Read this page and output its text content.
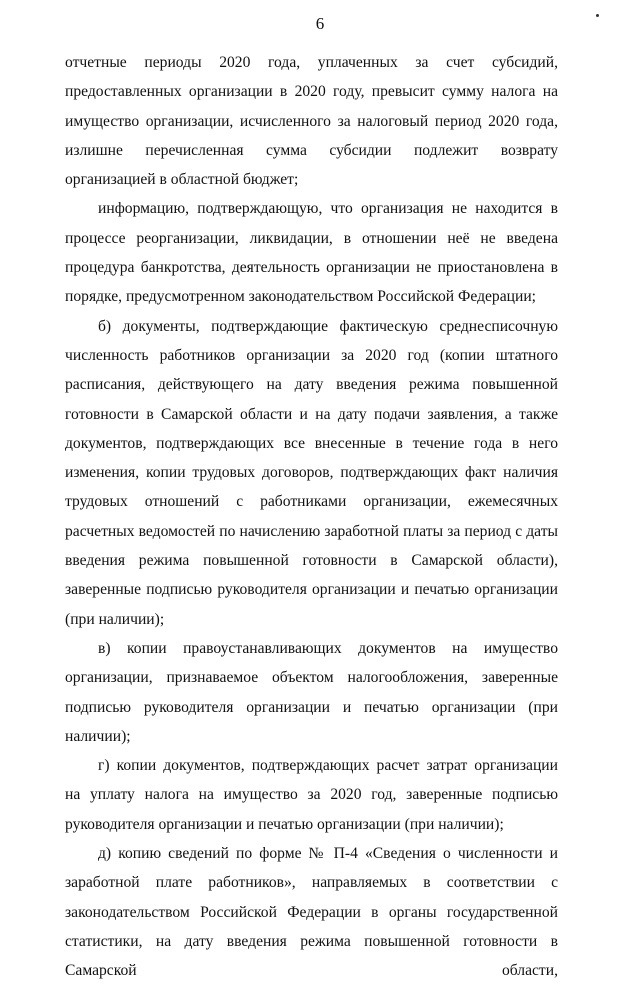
6

отчетные периоды 2020 года, уплаченных за счет субсидий, предоставленных организации в 2020 году, превысит сумму налога на имущество организации, исчисленного за налоговый период 2020 года, излишне перечисленная сумма субсидии подлежит возврату организацией в областной бюджет;

информацию, подтверждающую, что организация не находится в процессе реорганизации, ликвидации, в отношении неё не введена процедура банкротства, деятельность организации не приостановлена в порядке, предусмотренном законодательством Российской Федерации;

б) документы, подтверждающие фактическую среднесписочную численность работников организации за 2020 год (копии штатного расписания, действующего на дату введения режима повышенной готовности в Самарской области и на дату подачи заявления, а также документов, подтверждающих все внесенные в течение года в него изменения, копии трудовых договоров, подтверждающих факт наличия трудовых отношений с работниками организации, ежемесячных расчетных ведомостей по начислению заработной платы за период с даты введения режима повышенной готовности в Самарской области), заверенные подписью руководителя организации и печатью организации (при наличии);

в) копии правоустанавливающих документов на имущество организации, признаваемое объектом налогообложения, заверенные подписью руководителя организации и печатью организации (при наличии);

г) копии документов, подтверждающих расчет затрат организации на уплату налога на имущество за 2020 год, заверенные подписью руководителя организации и печатью организации (при наличии);

д) копию сведений по форме № П-4 «Сведения о численности и заработной плате работников», направляемых в соответствии с законодательством Российской Федерации в органы государственной статистики, на дату введения режима повышенной готовности в Самарской области,
